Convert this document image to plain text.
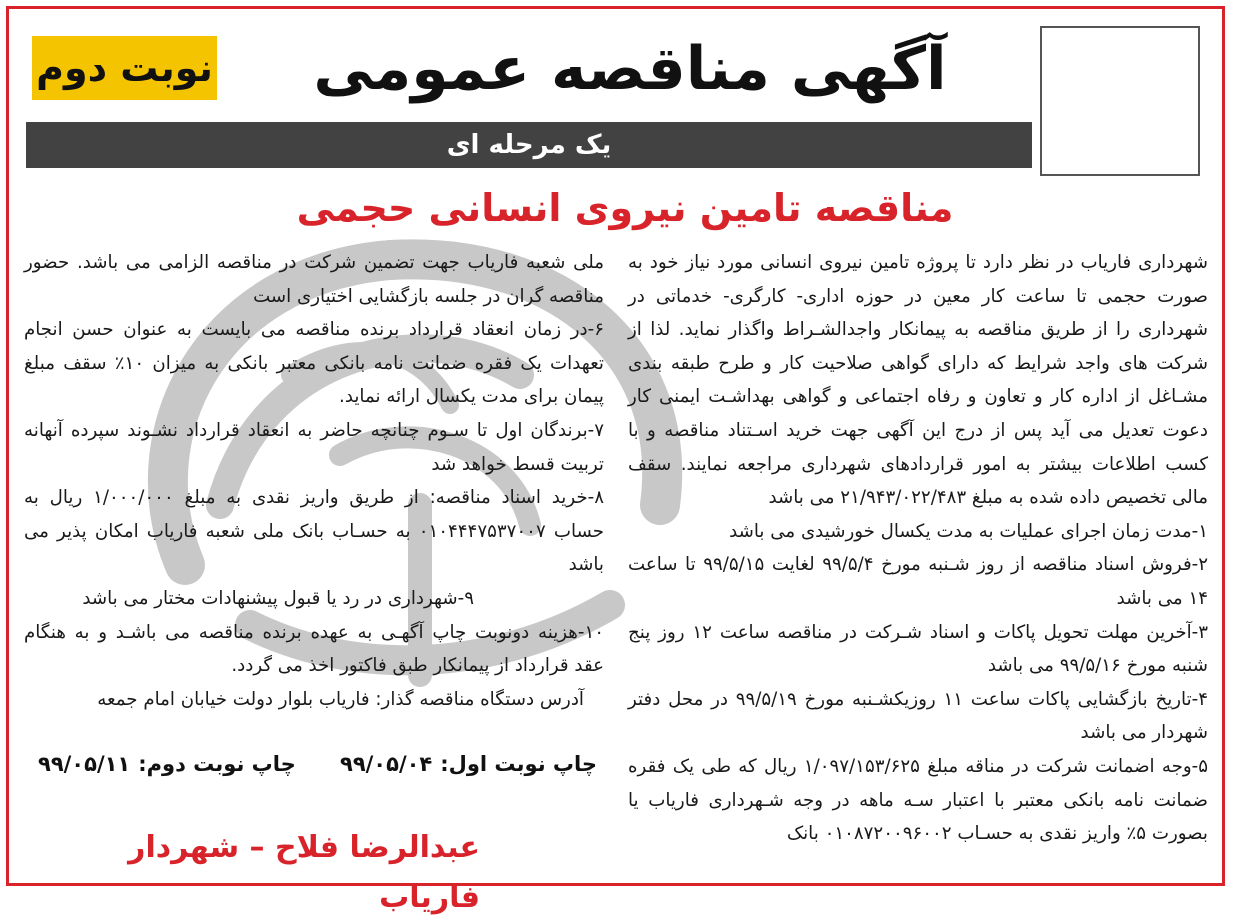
نوبت دوم	آگهی مناقصه عمومی
یک مرحله ای
مناقصه تامین نیروی انسانی حجمی

شهرداری فاریاب در نظر دارد تا پروژه تامین نیروی انسانی مورد نیاز خود به صورت حجمی تا ساعت کار معین در حوزه اداری- کارگری- خدماتی در شهرداری را از طریق مناقصه به پیمانکار واجدالشـراط واگذار نماید. لذا از شرکت های واجد شرایط که دارای گواهی صلاحیت کار و طرح طبقه بندی مشـاغل از اداره کار و تعاون و رفاه اجتماعی و گواهی بهداشـت ایمنی کار دعوت تعدیل می آید پس از درج این آگهی جهت خرید اسـتناد مناقصه و با کسب اطلاعات بیشتر به امور قراردادهای شهرداری مراجعه نمایند. سقف مالی تخصیص داده شده به مبلغ ۲۱/۹۴۳/۰۲۲/۴۸۳ می باشد

۱-مدت زمان اجرای عملیات به مدت یکسال خورشیدی می باشد

۲-فروش اسناد مناقصه از روز شـنبه مورخ ۹۹/۵/۴ لغایت ۹۹/۵/۱۵ تا ساعت ۱۴ می باشد

۳-آخرین مهلت تحویل پاکات و اسناد شـرکت در مناقصه ساعت ۱۲ روز پنج شنبه مورخ ۹۹/۵/۱۶ می باشد

۴-تاریخ بازگشایی پاکات ساعت ۱۱ روزیکشـنبه مورخ ۹۹/۵/۱۹ در محل دفتر شهردار می باشد

۵-وجه اضمانت شرکت در مناقه مبلغ ۱/۰۹۷/۱۵۳/۶۲۵ ریال که طی یک فقره ضمانت نامه بانکی معتبر با اعتبار سـه ماهه در وجه شـهرداری فاریاب یا بصورت ۵٪ واریز نقدی به حسـاب ۰۱۰۸۷۲۰۰۹۶۰۰۲ بانک

ملی شعبه فاریاب جهت تضمین شرکت در مناقصه الزامی می باشد. حضور مناقصه گران در جلسه بازگشایی اختیاری است

۶-در زمان انعقاد قرارداد برنده مناقصه می بایست به عنوان حسن انجام تعهدات یک فقره ضمانت نامه بانکی معتبر بانکی به میزان ۱۰٪ سقف مبلغ پیمان برای مدت یکسال ارائه نماید.

۷-برندگان اول تا سـوم چنانچه حاضر به انعقاد قرارداد نشـوند سپرده آنهانه تربیت قسط خواهد شد

۸-خرید اسناد مناقصه: از طریق واریز نقدی به مبلغ ۱/۰۰۰/۰۰۰ ریال به حساب ۰۱۰۴۴۴۷۵۳۷۰۰۷ به حسـاب بانک ملی شعبه فاریاب امکان پذیر می باشد

۹-شهرداری در رد یا قبول پیشنهادات مختار می باشد

۱۰-هزینه دونوبت چاپ آگهـی به عهده برنده مناقصه می باشـد و به هنگام عقد قرارداد از پیمانکار طبق فاکتور اخذ می گردد.

آدرس دستگاه مناقصه گذار: فاریاب بلوار دولت خیابان امام جمعه

چاپ نوبت اول:
۹۹/۰۵/۰۴
چاپ نوبت دوم:
۹۹/۰۵/۱۱
عبدالرضا فلاح – شهردار فاریاب
